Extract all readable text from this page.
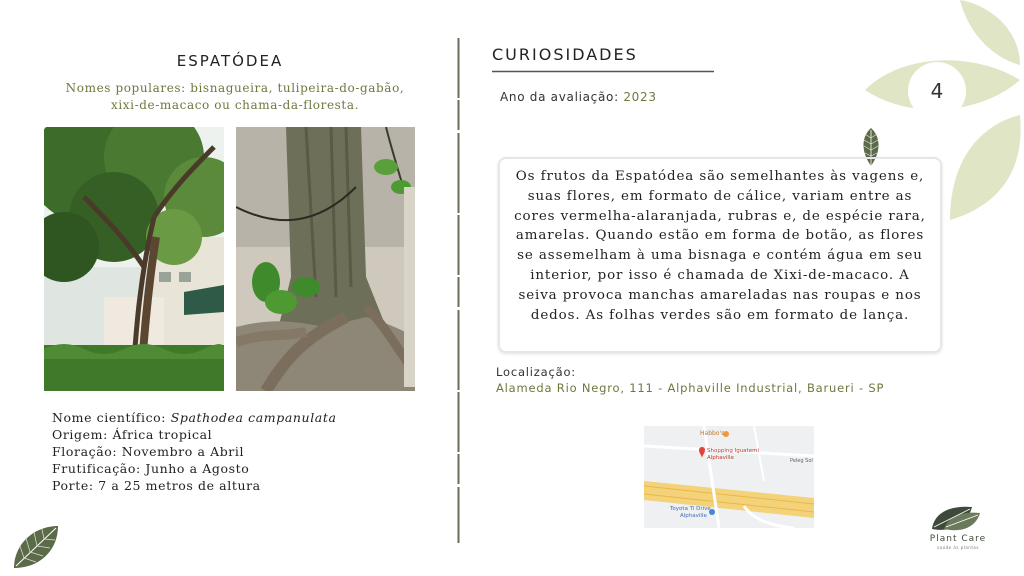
4
ESPATÓDEA
Nomes populares: bisnagueira, tulipeira-do-gabão,
xixi-de-macaco ou chama-da-floresta.
Nome científico: Spathodea campanulata
Origem: África tropical
Floração: Novembro a Abril
Frutificação: Junho a Agosto
Porte: 7 a 25 metros de altura
CURIOSIDADES
Ano da avaliação: 2023

Os frutos da Espatódea são semelhantes às vagens e, suas flores, em formato de cálice, variam entre as cores vermelha-alaranjada, rubras e, de espécie rara, amarelas. Quando estão em forma de botão, as flores se assemelham à uma bisnaga e contém água em seu interior, por isso é chamada de Xixi-de-macaco. A seiva provoca manchas amareladas nas roupas e nos dedos. As folhas verdes são em formato de lança.

Localização:
Alameda Rio Negro, 111 - Alphaville Industrial, Barueri - SP
Habbo's
Shopping Iguatemi
Alphaville	Peleg Sol
Toyota Ti Drive
Alphaville
Plant Care
saúde às plantas
